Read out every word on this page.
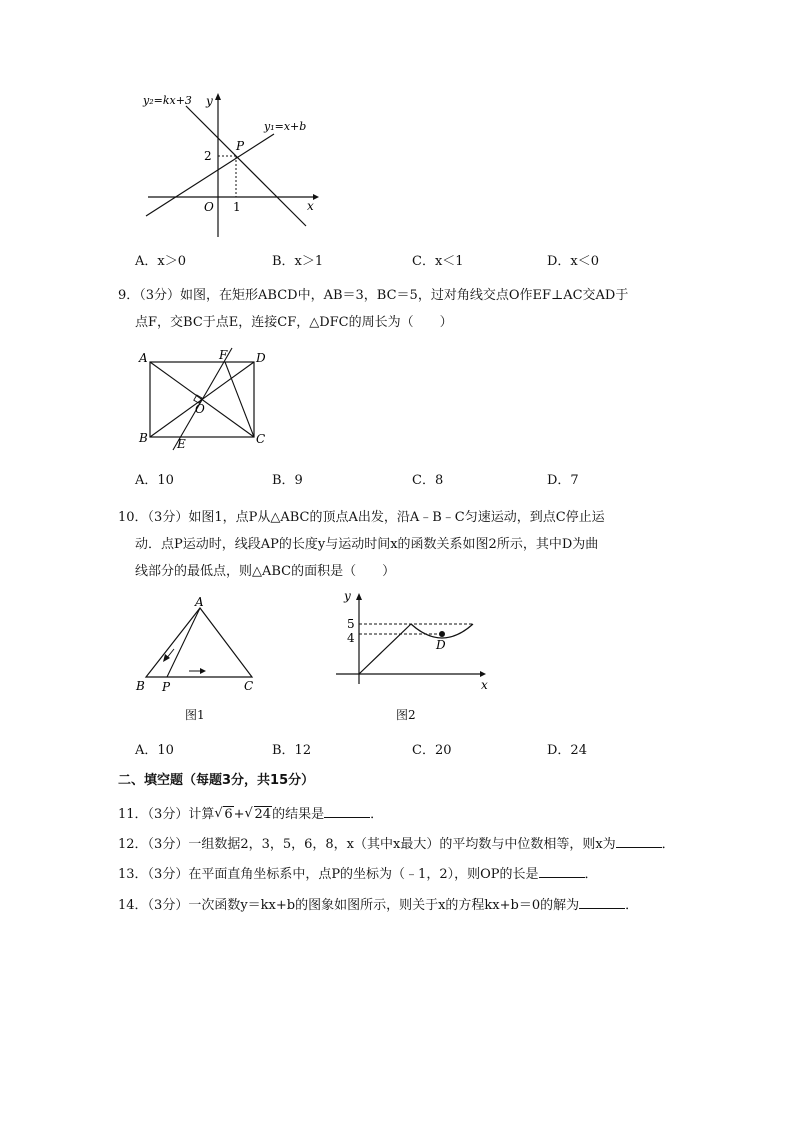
y₂=kx+3
y₁=x+b
y
x
O
P
2
1
A．x＞0	B．x＞1	C．x＜1	D．x＜0
9．（3分）如图，在矩形ABCD中，AB＝3，BC＝5，过对角线交点O作EF⊥AC交AD于
点F，交BC于点E，连接CF，△DFC的周长为（　　）
A	D
B	C
F
E
O
A．10	B．9	C．8	D．7
10．（3分）如图1，点P从△ABC的顶点A出发，沿A﹣B﹣C匀速运动，到点C停止运
动．点P运动时，线段AP的长度y与运动时间x的函数关系如图2所示，其中D为曲
线部分的最低点，则△ABC的面积是（　　）
A
B P	C
图1
y
x
5
4	D
图2
A．10	B．12	C．20	D．24
二、填空题（每题3分，共15分）
11．（3分）计算 √ 6+ √ 24的结果是	．
12．（3分）一组数据2，3，5，6，8，x（其中x最大）的平均数与中位数相等，则x为	．
13．（3分）在平面直角坐标系中，点P的坐标为（﹣1，2），则OP的长是	．
14．（3分）一次函数y＝kx+b的图象如图所示，则关于x的方程kx+b＝0的解为	．
